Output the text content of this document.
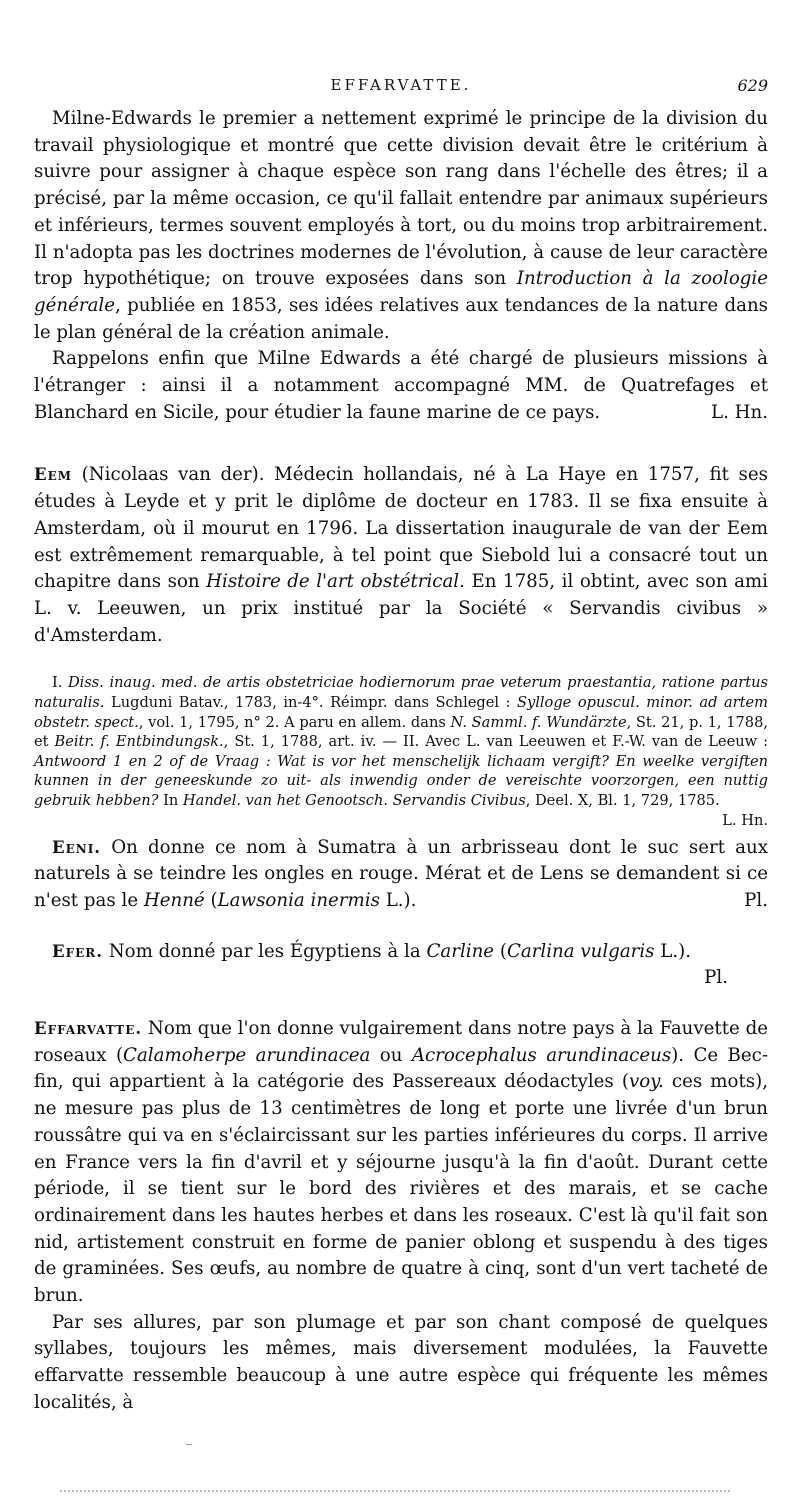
EFFARVATTE.	629

Milne-Edwards le premier a nettement exprimé le principe de la division du travail physiologique et montré que cette division devait être le critérium à suivre pour assigner à chaque espèce son rang dans l'échelle des êtres; il a précisé, par la même occasion, ce qu'il fallait entendre par animaux supérieurs et inférieurs, termes souvent employés à tort, ou du moins trop arbitrairement. Il n'adopta pas les doctrines modernes de l'évolution, à cause de leur caractère trop hypothétique; on trouve exposées dans son Introduction à la zoologie générale, publiée en 1853, ses idées relatives aux tendances de la nature dans le plan général de la création animale.

Rappelons enfin que Milne Edwards a été chargé de plusieurs missions à l'étranger : ainsi il a notamment accompagné MM. de Quatrefages et Blanchard en Sicile, pour étudier la faune marine de ce pays.	L. Hn.

Eem (Nicolaas van der). Médecin hollandais, né à La Haye en 1757, fit ses études à Leyde et y prit le diplôme de docteur en 1783. Il se fixa ensuite à Amsterdam, où il mourut en 1796. La dissertation inaugurale de van der Eem est extrêmement remarquable, à tel point que Siebold lui a consacré tout un chapitre dans son Histoire de l'art obstétrical. En 1785, il obtint, avec son ami L. v. Leeuwen, un prix institué par la Société « Servandis civibus » d'Amsterdam.

I. Diss. inaug. med. de artis obstetriciae hodiernorum prae veterum praestantia, ratione partus naturalis. Lugduni Batav., 1783, in-4°. Réimpr. dans Schlegel : Sylloge opuscul. minor. ad artem obstetr. spect., vol. 1, 1795, n° 2. A paru en allem. dans N. Samml. f. Wundärzte, St. 21, p. 1, 1788, et Beitr. f. Entbindungsk., St. 1, 1788, art. iv. — II. Avec L. van Leeuwen et F.-W. van de Leeuw : Antwoord 1 en 2 of de Vraag : Wat is vor het menschelijk lichaam vergift? En weelke vergiften kunnen in der geneeskunde zo uit- als inwendig onder de vereischte voorzorgen, een nuttig gebruik hebben? In Handel. van het Genootsch. Servandis Civibus, Deel. X, Bl. 1, 729, 1785.
L. Hn.

Eeni. On donne ce nom à Sumatra à un arbrisseau dont le suc sert aux naturels à se teindre les ongles en rouge. Mérat et de Lens se demandent si ce n'est pas le Henné (Lawsonia inermis L.).	Pl.

Efer. Nom donné par les Égyptiens à la Carline (Carlina vulgaris L.).

Pl.

Effarvatte. Nom que l'on donne vulgairement dans notre pays à la Fauvette de roseaux (Calamoherpe arundinacea ou Acrocephalus arundinaceus). Ce Bec-fin, qui appartient à la catégorie des Passereaux déodactyles (voy. ces mots), ne mesure pas plus de 13 centimètres de long et porte une livrée d'un brun roussâtre qui va en s'éclaircissant sur les parties inférieures du corps. Il arrive en France vers la fin d'avril et y séjourne jusqu'à la fin d'août. Durant cette période, il se tient sur le bord des rivières et des marais, et se cache ordinairement dans les hautes herbes et dans les roseaux. C'est là qu'il fait son nid, artistement construit en forme de panier oblong et suspendu à des tiges de graminées. Ses œufs, au nombre de quatre à cinq, sont d'un vert tacheté de brun.

Par ses allures, par son plumage et par son chant composé de quelques syllabes, toujours les mêmes, mais diversement modulées, la Fauvette effarvatte ressemble beaucoup à une autre espèce qui fréquente les mêmes localités, à
